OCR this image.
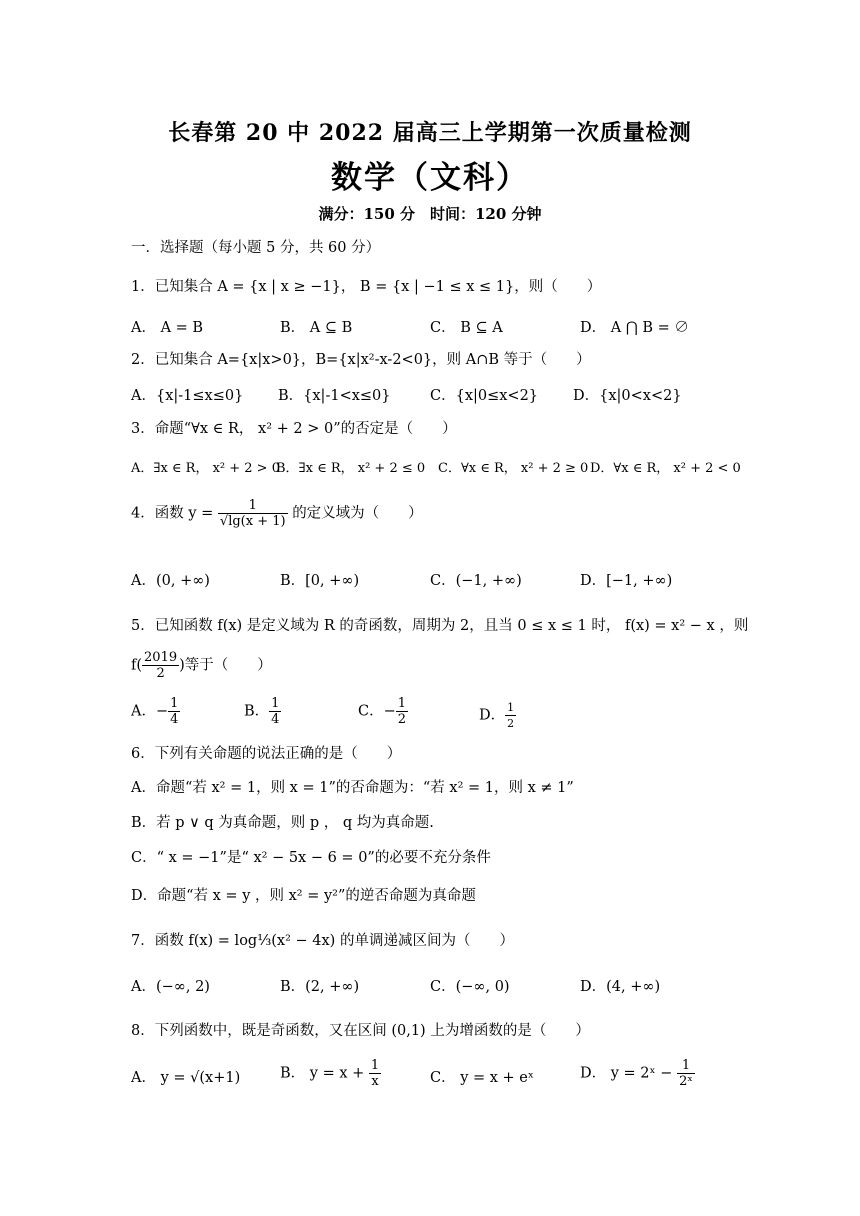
长春第 20 中 2022 届高三上学期第一次质量检测
数学（文科）
满分：150 分　时间：120 分钟
一．选择题（每小题 5 分，共 60 分）
1．已知集合 A = {x | x ≥ −1}， B = {x | −1 ≤ x ≤ 1}，则（　　）
A． A = B	B． A ⊆ B	C． B ⊆ A	D． A ⋂ B = ∅
2．已知集合 A={x|x>0}，B={x|x²-x-2<0}，则 A∩B 等于（　　）
A．{x|-1≤x≤0} B．{x|-1<x≤0}	C．{x|0≤x<2} D．{x|0<x<2}
3．命题“∀x ∈ R， x² + 2 > 0”的否定是（　　）
A．∃x ∈ R， x² + 2 > 0
B．∃x ∈ R， x² + 2 ≤ 0 C．∀x ∈ R， x² + 2 ≥ 0 D．∀x ∈ R， x² + 2 < 0
4．函数 $y = \frac{1}{√\lg(x + 1)}$ 的定义域为（　　）
A．(0, +∞)	B．[0, +∞)	C．(−1, +∞)	D．[−1, +∞)
5．已知函数 f(x) 是定义域为 R 的奇函数，周期为 2，且当 0 ≤ x ≤ 1 时， f(x) = x² − x ，则
$f( \frac{2019}{2}$ )等于（　　）
A．− $\frac{1}{4}$	B． $\frac{1}{4}$	C．− $\frac{1}{2}$	D． $\frac{1}{2}$
6．下列有关命题的说法正确的是（　　）
A．命题“若 x² = 1，则 x = 1”的否命题为：“若 x² = 1，则 x ≠ 1”
B．若 p ∨ q 为真命题，则 p ， q 均为真命题.
C．“ x = −1”是“ x² − 5x − 6 = 0”的必要不充分条件
D．命题“若 x = y ，则 x² = y²”的逆否命题为真命题
7．函数 f(x) = log⅓(x² − 4x) 的单调递减区间为（　　）
A．(−∞, 2)	B．(2, +∞)	C．(−∞, 0)	D．(4, +∞)
8．下列函数中，既是奇函数，又在区间 (0,1) 上为增函数的是（　　）
A． y = √(x+1)	B． $y = x + \frac{1}{x}$	C． y = x + eˣ	D． y = 2ˣ − $\frac{1}{\text{2ˣ}}$
